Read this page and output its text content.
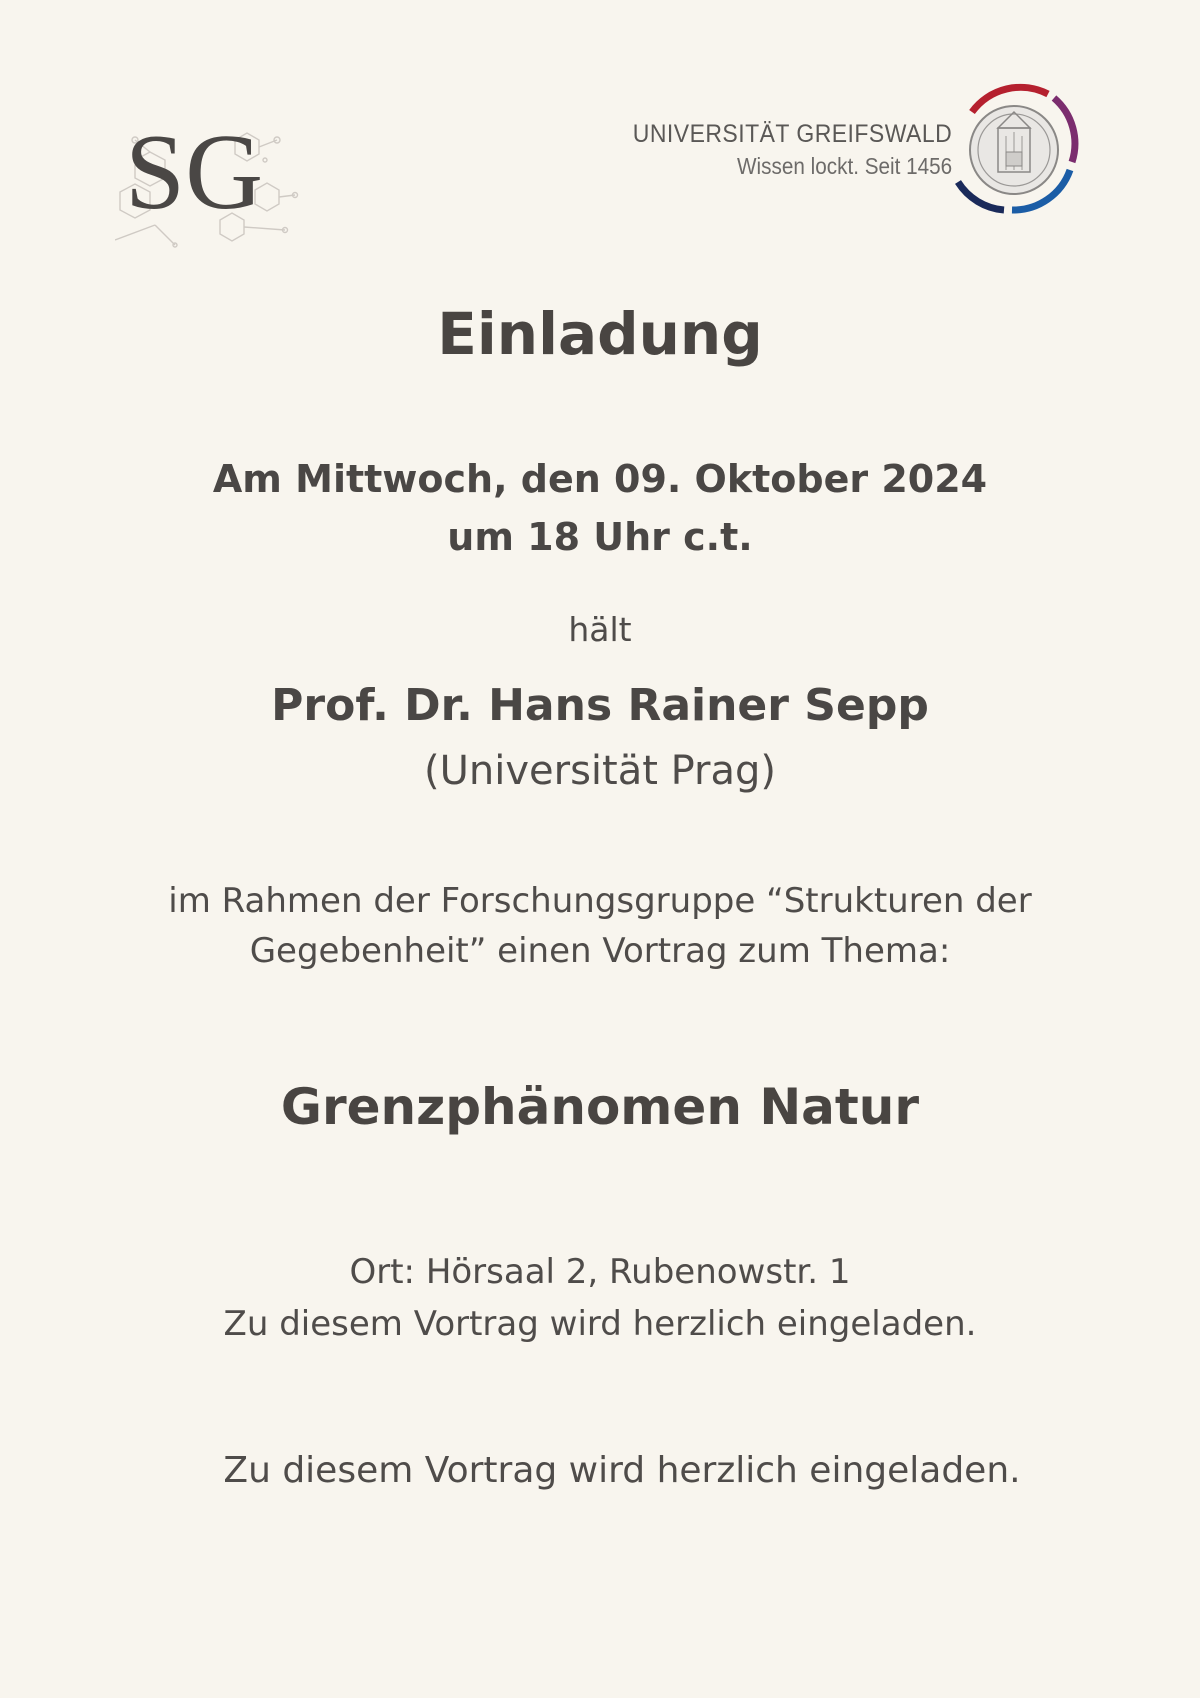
SG	UNIVERSITÄT GREIFSWALD
Wissen lockt. Seit 1456
Einladung
Am Mittwoch, den 09. Oktober 2024
um 18 Uhr c.t.
hält
Prof. Dr. Hans Rainer Sepp
(Universität Prag)
im Rahmen der Forschungsgruppe “Strukturen der
Gegebenheit” einen Vortrag zum Thema:
Grenzphänomen Natur
Ort: Hörsaal 2, Rubenowstr. 1
Zu diesem Vortrag wird herzlich eingeladen.
Zu diesem Vortrag wird herzlich eingeladen.
